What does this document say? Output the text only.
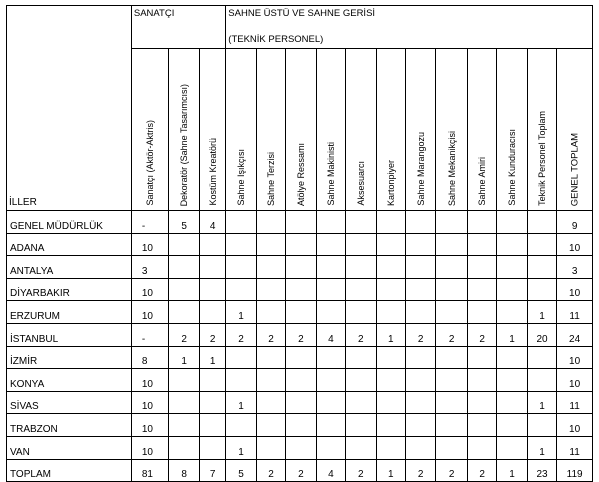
İLLER	SANATÇI			SAHNE ÜSTÜ VE SAHNE GERİSİ											
				(TEKNİK PERSONEL)											

	Sanatçı (Aktör-Aktris)	Dekoratör (Sahne Tasarımcısı)	Kostüm Kreatörü	Sahne Işıkçısı	Sahne Terzisi	Atölye Ressamı	Sahne Makinisti	Aksesuarcı	Kartonpiyer	Sahne Marangozu	Sahne Mekanikçisi	Sahne Amiri	Sahne Kunduracısı	Teknik Personel Toplam	GENEL TOPLAM

GENEL MÜDÜRLÜK	-	5	4												9
ADANA	10														10
ANTALYA	3														3
DİYARBAKIR	10														10
ERZURUM	10			1										1	11
İSTANBUL	-	2	2	2	2	2	4	2	1	2	2	2	1	20	24
İZMİR	8	1	1												10
KONYA	10														10
SİVAS	10			1										1	11
TRABZON	10														10
VAN	10			1										1	11
TOPLAM	81	8	7	5	2	2	4	2	1	2	2	2	1	23	119
